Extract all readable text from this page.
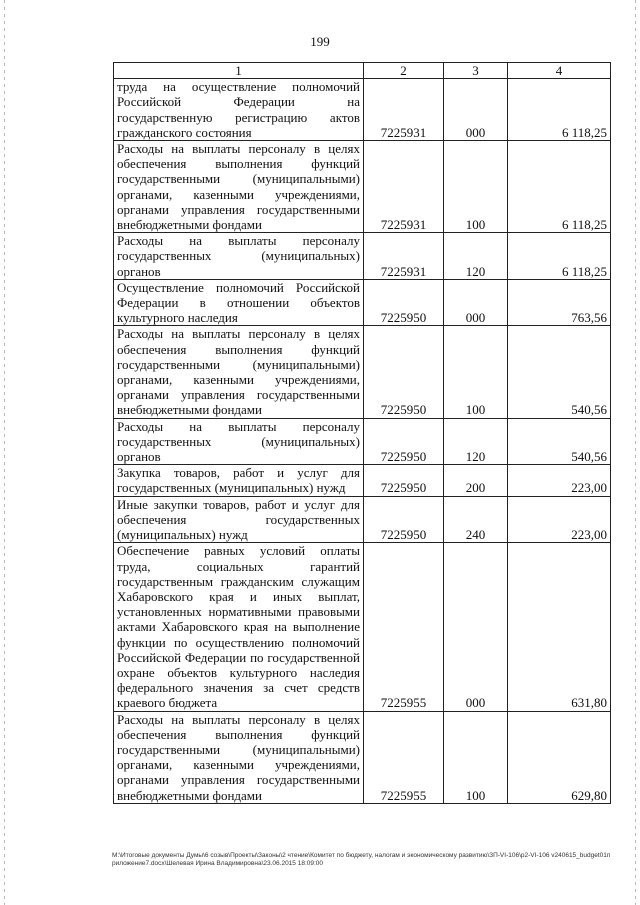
199
1	2	3	4
труда на осуществление полномочий Российской Федерации на государственную регистрацию актов гражданского состояния	7225931	000	6 118,25
Расходы на выплаты персоналу в целях обеспечения выполнения функций государственными (муниципальными) органами, казенными учреждениями, органами управления государственными внебюджетными фондами	7225931	100	6 118,25
Расходы на выплаты персоналу государственных (муниципальных) органов	7225931	120	6 118,25
Осуществление полномочий Российской Федерации в отношении объектов культурного наследия	7225950	000	763,56
Расходы на выплаты персоналу в целях обеспечения выполнения функций государственными (муниципальными) органами, казенными учреждениями, органами управления государственными внебюджетными фондами	7225950	100	540,56
Расходы на выплаты персоналу государственных (муниципальных) органов	7225950	120	540,56
Закупка товаров, работ и услуг для государственных (муниципальных) нужд	7225950	200	223,00
Иные закупки товаров, работ и услуг для обеспечения государственных (муниципальных) нужд	7225950	240	223,00
Обеспечение равных условий оплаты труда, социальных гарантий государственным гражданским служащим Хабаровского края и иных выплат, установленных нормативными правовыми актами Хабаровского края на выполнение функции по осуществлению полномочий Российской Федерации по государственной охране объектов культурного наследия федерального значения за счет средств краевого бюджета	7225955	000	631,80
Расходы на выплаты персоналу в целях обеспечения выполнения функций государственными (муниципальными) органами, казенными учреждениями, органами управления государственными внебюджетными фондами	7225955	100	629,80
M:\Итоговые документы Думы\6 созыв\Проекты\Законы\2 чтение\Комитет по бюджету, налогам и экономическому развитию\ЗП-VI-106\р2-VI-106 v240615_budget01приложение7.docx\Шелевая Ирина Владимировна\23.06.2015 18:09:00
